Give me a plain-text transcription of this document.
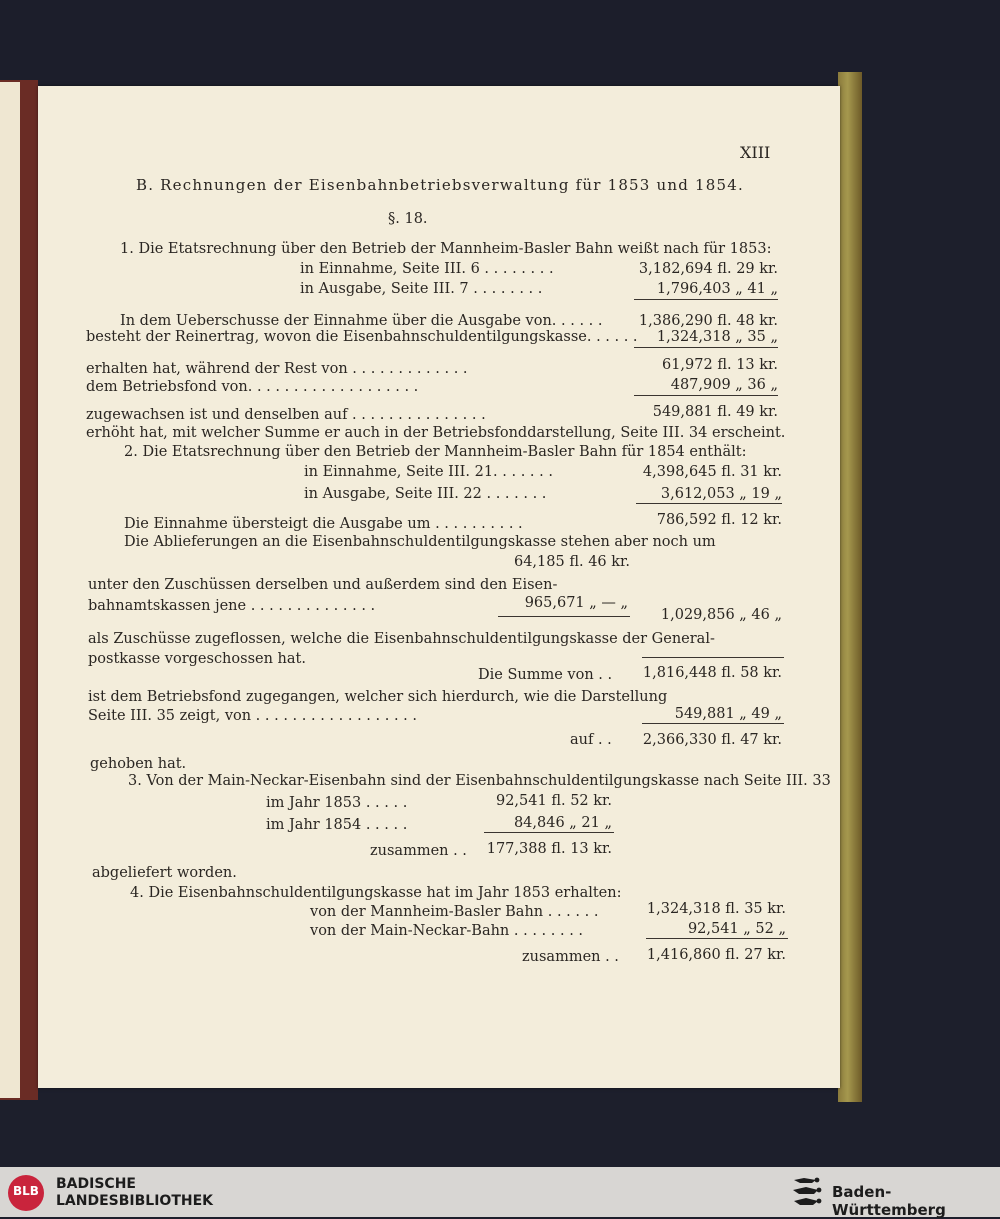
XIII
B. Rechnungen der Eisenbahnbetriebsverwaltung für 1853 und 1854.
§. 18.
1. Die Etatsrechnung über den Betrieb der Mannheim-Basler Bahn weißt nach für 1853:
in Einnahme, Seite III. 6 . . . . . . . .
in Ausgabe, Seite III. 7 . . . . . . . .
In dem Ueberschusse der Einnahme über die Ausgabe von. . . . . .
besteht der Reinertrag, wovon die Eisenbahnschuldentilgungskasse. . . . . .
erhalten hat, während der Rest von . . . . . . . . . . . . .
dem Betriebsfond von. . . . . . . . . . . . . . . . . . .
zugewachsen ist und denselben auf . . . . . . . . . . . . . . .
erhöht hat, mit welcher Summe er auch in der Betriebsfonddarstellung, Seite III. 34 erscheint.
2. Die Etatsrechnung über den Betrieb der Mannheim-Basler Bahn für 1854 enthält:
in Einnahme, Seite III. 21. . . . . . .
in Ausgabe, Seite III. 22 . . . . . . .
Die Einnahme übersteigt die Ausgabe um . . . . . . . . . .
Die Ablieferungen an die Eisenbahnschuldentilgungskasse stehen aber noch um
unter den Zuschüssen derselben und außerdem sind den Eisen-
bahnamtskassen jene . . . . . . . . . . . . . .
als Zuschüsse zugeflossen, welche die Eisenbahnschuldentilgungskasse der General-
postkasse vorgeschossen hat.
Die Summe von . .
ist dem Betriebsfond zugegangen, welcher sich hierdurch, wie die Darstellung
Seite III. 35 zeigt, von . . . . . . . . . . . . . . . . . .
auf . .
gehoben hat.
3. Von der Main-Neckar-Eisenbahn sind der Eisenbahnschuldentilgungskasse nach Seite III. 33
im Jahr 1853 . . . . .
im Jahr 1854 . . . . .
zusammen . .
abgeliefert worden.
4. Die Eisenbahnschuldentilgungskasse hat im Jahr 1853 erhalten:
von der Mannheim-Basler Bahn . . . . . .
von der Main-Neckar-Bahn . . . . . . . .
zusammen . .
3,182,694 fl. 29 kr.
1,796,403 „ 41 „
1,386,290 fl. 48 kr.
1,324,318 „ 35 „
61,972 fl. 13 kr.
487,909 „ 36 „
549,881 fl. 49 kr.
4,398,645 fl. 31 kr.
3,612,053 „ 19 „
786,592 fl. 12 kr.
64,185 fl. 46 kr.
965,671 „ — „
1,029,856 „ 46 „
1,816,448 fl. 58 kr.
549,881 „ 49 „
2,366,330 fl. 47 kr.
92,541 fl. 52 kr.
84,846 „ 21 „
177,388 fl. 13 kr.
1,324,318 fl. 35 kr.
92,541 „ 52 „
1,416,860 fl. 27 kr.
BLB	BADISCHE
LANDESBIBLIOTHEK	Baden-Württemberg
